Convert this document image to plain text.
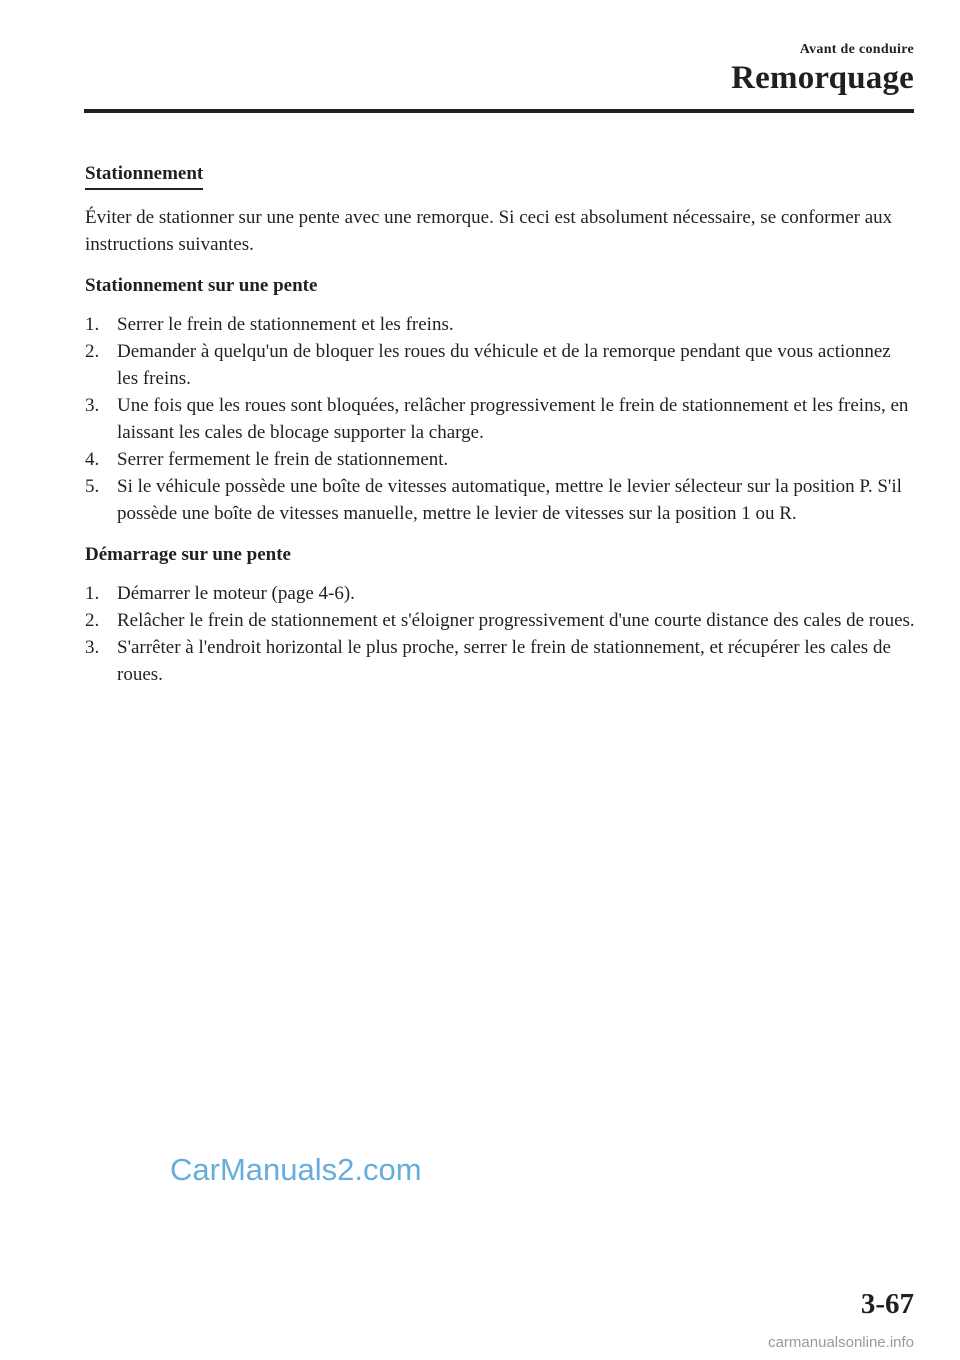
Avant de conduire
Remorquage
Stationnement

Éviter de stationner sur une pente avec une remorque. Si ceci est absolument nécessaire, se conformer aux instructions suivantes.

Stationnement sur une pente
1. Serrer le frein de stationnement et les freins.
2. Demander à quelqu'un de bloquer les roues du véhicule et de la remorque pendant que vous actionnez les freins.
3. Une fois que les roues sont bloquées, relâcher progressivement le frein de stationnement et les freins, en laissant les cales de blocage supporter la charge.
4. Serrer fermement le frein de stationnement.
5. Si le véhicule possède une boîte de vitesses automatique, mettre le levier sélecteur sur la position P. S'il possède une boîte de vitesses manuelle, mettre le levier de vitesses sur la position 1 ou R.
Démarrage sur une pente
1. Démarrer le moteur (page 4-6).
2. Relâcher le frein de stationnement et s'éloigner progressivement d'une courte distance des cales de roues.
3. S'arrêter à l'endroit horizontal le plus proche, serrer le frein de stationnement, et récupérer les cales de roues.
CarManuals2.com
3-67
carmanualsonline.info
